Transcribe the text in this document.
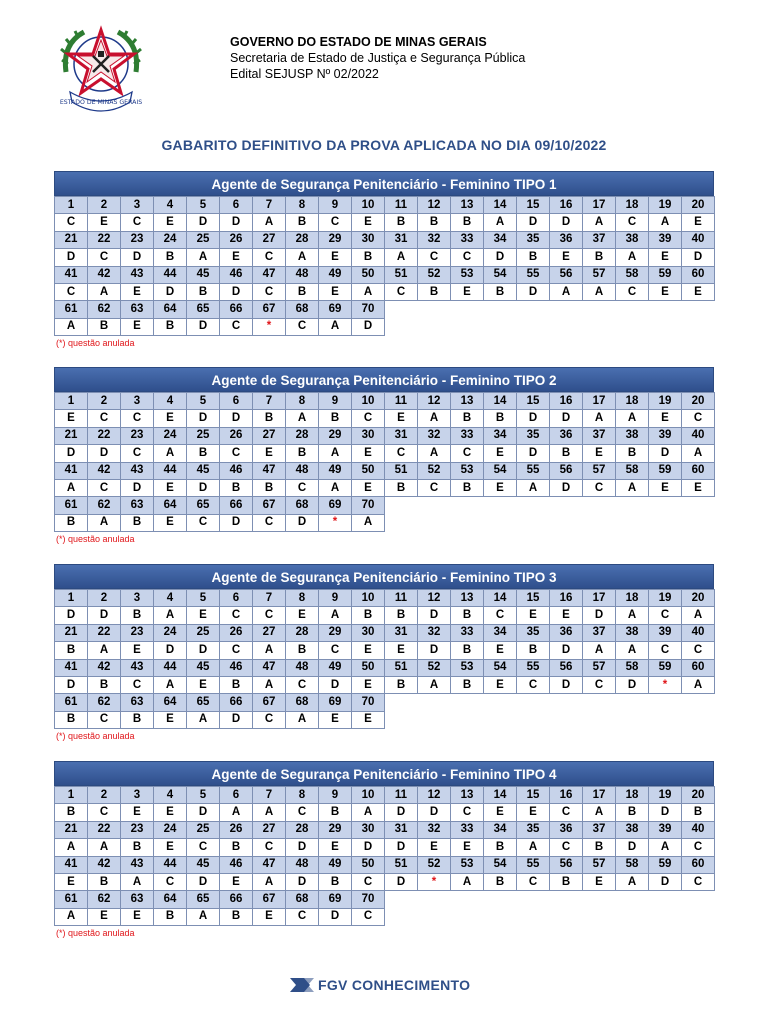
ESTADO DE MINAS GERAIS
GOVERNO DO ESTADO DE MINAS GERAIS
Secretaria de Estado de Justiça e Segurança Pública
Edital SEJUSP Nº 02/2022
GABARITO DEFINITIVO DA PROVA APLICADA NO DIA 09/10/2022
Agente de Segurança Penitenciário - Feminino TIPO 1
1	2	3	4	5	6	7	8	9	10	11	12	13	14	15	16	17	18	19	20
C	E	C	E	D	D	A	B	C	E	B	B	B	A	D	D	A	C	A	E
21	22	23	24	25	26	27	28	29	30	31	32	33	34	35	36	37	38	39	40
D	C	D	B	A	E	C	A	E	B	A	C	C	D	B	E	B	A	E	D
41	42	43	44	45	46	47	48	49	50	51	52	53	54	55	56	57	58	59	60
C	A	E	D	B	D	C	B	E	A	C	B	E	B	D	A	A	C	E	E
61	62	63	64	65	66	67	68	69	70										
A	B	E	B	D	C	*	C	A	D										
(*) questão anulada
Agente de Segurança Penitenciário - Feminino TIPO 2
1	2	3	4	5	6	7	8	9	10	11	12	13	14	15	16	17	18	19	20
E	C	C	E	D	D	B	A	B	C	E	A	B	B	D	D	A	A	E	C
21	22	23	24	25	26	27	28	29	30	31	32	33	34	35	36	37	38	39	40
D	D	C	A	B	C	E	B	A	E	C	A	C	E	D	B	E	B	D	A
41	42	43	44	45	46	47	48	49	50	51	52	53	54	55	56	57	58	59	60
A	C	D	E	D	B	B	C	A	E	B	C	B	E	A	D	C	A	E	E
61	62	63	64	65	66	67	68	69	70										
B	A	B	E	C	D	C	D	*	A										
(*) questão anulada
Agente de Segurança Penitenciário - Feminino TIPO 3
1	2	3	4	5	6	7	8	9	10	11	12	13	14	15	16	17	18	19	20
D	D	B	A	E	C	C	E	A	B	B	D	B	C	E	E	D	A	C	A
21	22	23	24	25	26	27	28	29	30	31	32	33	34	35	36	37	38	39	40
B	A	E	D	D	C	A	B	C	E	E	D	B	E	B	D	A	A	C	C
41	42	43	44	45	46	47	48	49	50	51	52	53	54	55	56	57	58	59	60
D	B	C	A	E	B	A	C	D	E	B	A	B	E	C	D	C	D	*	A
61	62	63	64	65	66	67	68	69	70										
B	C	B	E	A	D	C	A	E	E										
(*) questão anulada
Agente de Segurança Penitenciário - Feminino TIPO 4
1	2	3	4	5	6	7	8	9	10	11	12	13	14	15	16	17	18	19	20
B	C	E	E	D	A	A	C	B	A	D	D	C	E	E	C	A	B	D	B
21	22	23	24	25	26	27	28	29	30	31	32	33	34	35	36	37	38	39	40
A	A	B	E	C	B	C	D	E	D	D	E	E	B	A	C	B	D	A	C
41	42	43	44	45	46	47	48	49	50	51	52	53	54	55	56	57	58	59	60
E	B	A	C	D	E	A	D	B	C	D	*	A	B	C	B	E	A	D	C
61	62	63	64	65	66	67	68	69	70										
A	E	E	B	A	B	E	C	D	C										
(*) questão anulada
FGV CONHECIMENTO
